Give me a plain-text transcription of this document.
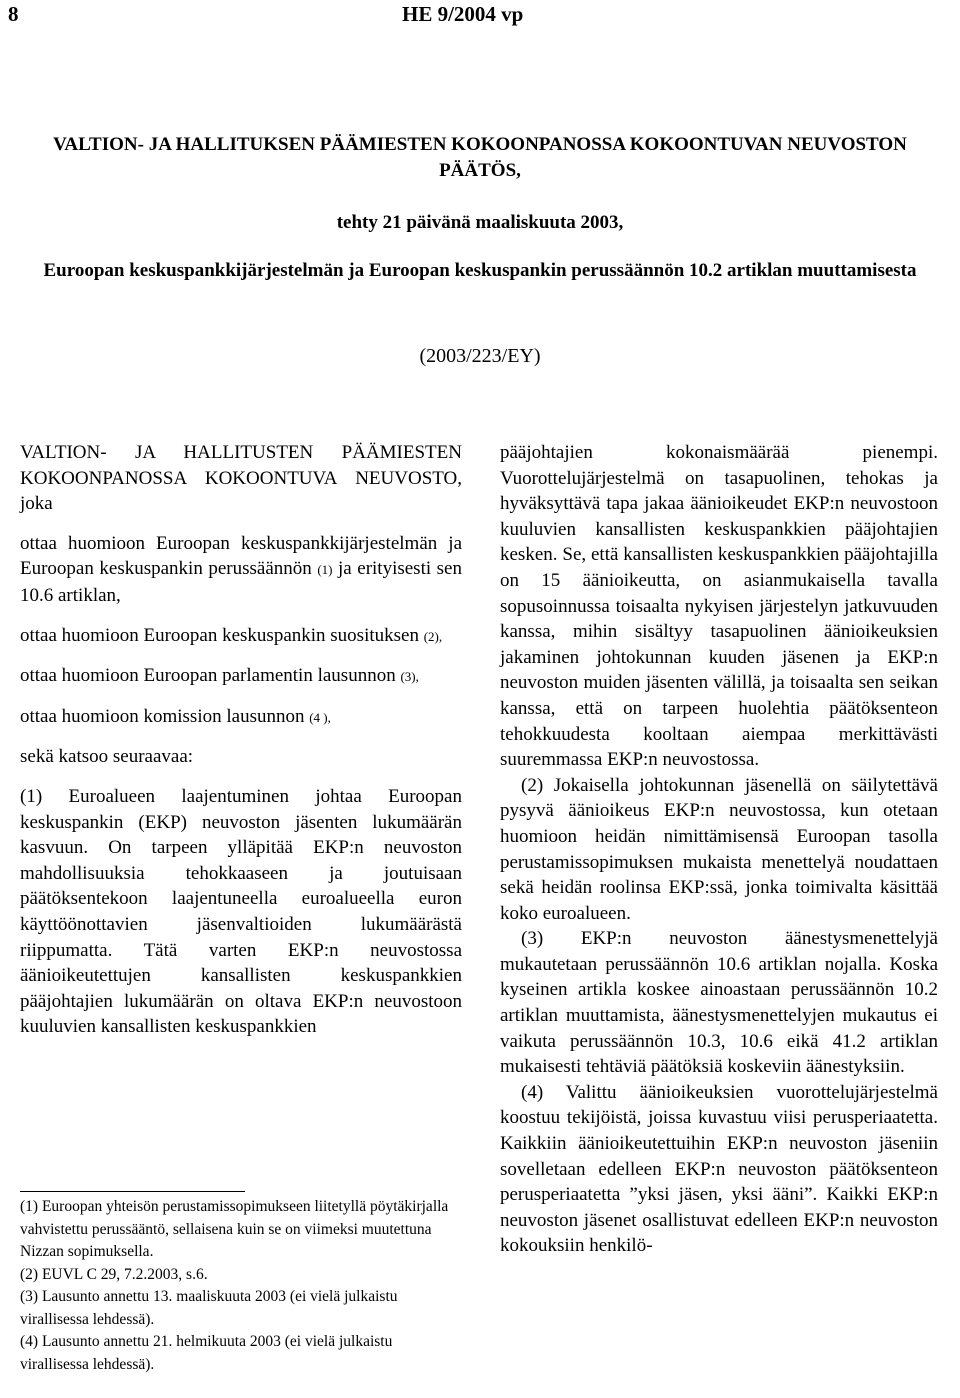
8	HE 9/2004 vp
VALTION- JA HALLITUKSEN PÄÄMIESTEN KOKOONPANOSSA KOKOONTUVAN NEUVOSTON PÄÄTÖS,
tehty 21 päivänä maaliskuuta 2003,
Euroopan keskuspankkijärjestelmän ja Euroopan keskuspankin perussäännön 10.2 artiklan muuttamisesta
(2003/223/EY)

VALTION- JA HALLITUSTEN PÄÄMIESTEN KOKOONPANOSSA KOKOONTUVA NEUVOSTO, joka

ottaa huomioon Euroopan keskuspankkijärjestelmän ja Euroopan keskuspankin perussäännön (1) ja erityisesti sen 10.6 artiklan,

ottaa huomioon Euroopan keskuspankin suosituksen (2),

ottaa huomioon Euroopan parlamentin lausunnon (3),

ottaa huomioon komission lausunnon (4 ),

sekä katsoo seuraavaa:

(1) Euroalueen laajentuminen johtaa Euroopan keskuspankin (EKP) neuvoston jäsenten lukumäärän kasvuun. On tarpeen ylläpitää EKP:n neuvoston mahdollisuuksia tehokkaaseen ja joutuisaan päätöksentekoon laajentuneella euroalueella euron käyttöönottavien jäsenvaltioiden lukumäärästä riippumatta. Tätä varten EKP:n neuvostossa äänioikeutettujen kansallisten keskuspankkien pääjohtajien lukumäärän on oltava EKP:n neuvostoon kuuluvien kansallisten keskuspankkien

pääjohtajien kokonaismäärää pienempi. Vuorottelujärjestelmä on tasapuolinen, tehokas ja hyväksyttävä tapa jakaa äänioikeudet EKP:n neuvostoon kuuluvien kansallisten keskuspankkien pääjohtajien kesken. Se, että kansallisten keskuspankkien pääjohtajilla on 15 äänioikeutta, on asianmukaisella tavalla sopusoinnussa toisaalta nykyisen järjestelyn jatkuvuuden kanssa, mihin sisältyy tasapuolinen äänioikeuksien jakaminen johtokunnan kuuden jäsenen ja EKP:n neuvoston muiden jäsenten välillä, ja toisaalta sen seikan kanssa, että on tarpeen huolehtia päätöksenteon tehokkuudesta kooltaan aiempaa merkittävästi suuremmassa EKP:n neuvostossa.

(2) Jokaisella johtokunnan jäsenellä on säilytettävä pysyvä äänioikeus EKP:n neuvostossa, kun otetaan huomioon heidän nimittämisensä Euroopan tasolla perustamissopimuksen mukaista menettelyä noudattaen sekä heidän roolinsa EKP:ssä, jonka toimivalta käsittää koko euroalueen.

(3) EKP:n neuvoston äänestysmenettelyjä mukautetaan perussäännön 10.6 artiklan nojalla. Koska kyseinen artikla koskee ainoastaan perussäännön 10.2 artiklan muuttamista, äänestysmenettelyjen mukautus ei vaikuta perussäännön 10.3, 10.6 eikä 41.2 artiklan mukaisesti tehtäviä päätöksiä koskeviin äänestyksiin.

(4) Valittu äänioikeuksien vuorottelujärjestelmä koostuu tekijöistä, joissa kuvastuu viisi perusperiaatetta. Kaikkiin äänioikeutettuihin EKP:n neuvoston jäseniin sovelletaan edelleen EKP:n neuvoston päätöksenteon perusperiaatetta ”yksi jäsen, yksi ääni”. Kaikki EKP:n neuvoston jäsenet osallistuvat edelleen EKP:n neuvoston kokouksiin henkilö-

(1) Euroopan yhteisön perustamissopimukseen liitetyllä pöytäkirjalla vahvistettu perussääntö, sellaisena kuin se on viimeksi muutettuna Nizzan sopimuksella.

(2) EUVL C 29, 7.2.2003, s.6.

(3) Lausunto annettu 13. maaliskuuta 2003 (ei vielä julkaistu virallisessa lehdessä).

(4) Lausunto annettu 21. helmikuuta 2003 (ei vielä julkaistu virallisessa lehdessä).
